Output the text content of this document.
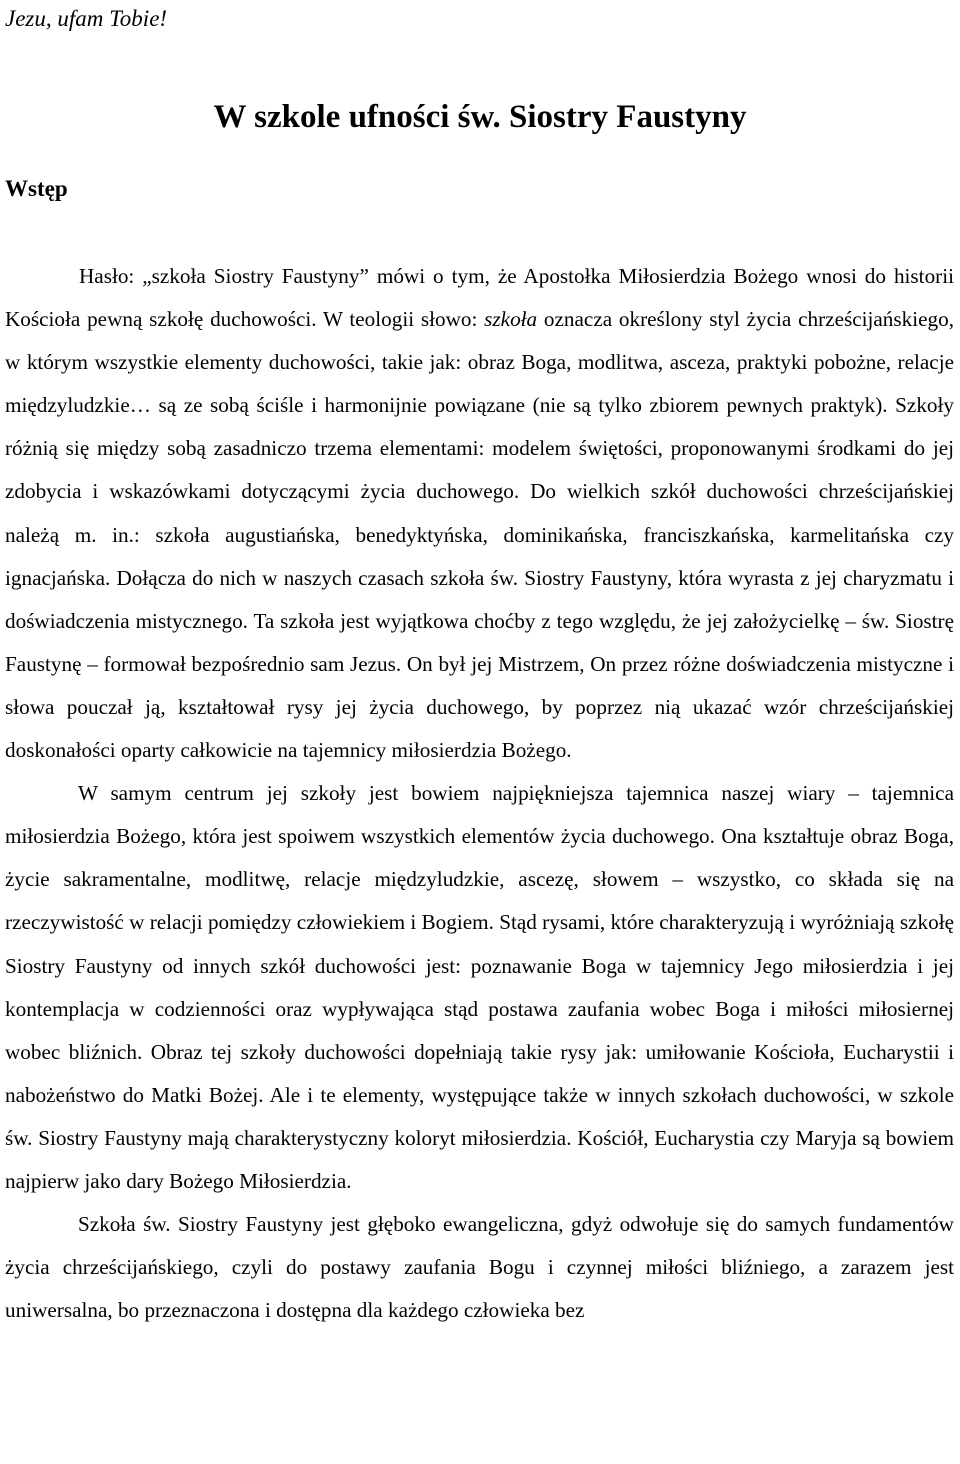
Jezu, ufam Tobie!
W szkole ufności św. Siostry Faustyny
Wstęp

Hasło: „szkoła Siostry Faustyny” mówi o tym, że Apostołka Miłosierdzia Bożego wnosi do historii Kościoła pewną szkołę duchowości. W teologii słowo: szkoła oznacza określony styl życia chrześcijańskiego, w którym wszystkie elementy duchowości, takie jak: obraz Boga, modlitwa, asceza, praktyki pobożne, relacje międzyludzkie… są ze sobą ściśle i harmonijnie powiązane (nie są tylko zbiorem pewnych praktyk). Szkoły różnią się między sobą zasadniczo trzema elementami: modelem świętości, proponowanymi środkami do jej zdobycia i wskazówkami dotyczącymi życia duchowego. Do wielkich szkół duchowości chrześcijańskiej należą m. in.: szkoła augustiańska, benedyktyńska, dominikańska, franciszkańska, karmelitańska czy ignacjańska. Dołącza do nich w naszych czasach szkoła św. Siostry Faustyny, która wyrasta z jej charyzmatu i doświadczenia mistycznego. Ta szkoła jest wyjątkowa choćby z tego względu, że jej założycielkę – św. Siostrę Faustynę – formował bezpośrednio sam Jezus. On był jej Mistrzem, On przez różne doświadczenia mistyczne i słowa pouczał ją, kształtował rysy jej życia duchowego, by poprzez nią ukazać wzór chrześcijańskiej doskonałości oparty całkowicie na tajemnicy miłosierdzia Bożego.

W samym centrum jej szkoły jest bowiem najpiękniejsza tajemnica naszej wiary – tajemnica miłosierdzia Bożego, która jest spoiwem wszystkich elementów życia duchowego. Ona kształtuje obraz Boga, życie sakramentalne, modlitwę, relacje międzyludzkie, ascezę, słowem – wszystko, co składa się na rzeczywistość w relacji pomiędzy człowiekiem i Bogiem. Stąd rysami, które charakteryzują i wyróżniają szkołę Siostry Faustyny od innych szkół duchowości jest: poznawanie Boga w tajemnicy Jego miłosierdzia i jej kontemplacja w codzienności oraz wypływająca stąd postawa zaufania wobec Boga i miłości miłosiernej wobec bliźnich. Obraz tej szkoły duchowości dopełniają takie rysy jak: umiłowanie Kościoła, Eucharystii i nabożeństwo do Matki Bożej. Ale i te elementy, występujące także w innych szkołach duchowości, w szkole św. Siostry Faustyny mają charakterystyczny koloryt miłosierdzia. Kościół, Eucharystia czy Maryja są bowiem najpierw jako dary Bożego Miłosierdzia.

Szkoła św. Siostry Faustyny jest głęboko ewangeliczna, gdyż odwołuje się do samych fundamentów życia chrześcijańskiego, czyli do postawy zaufania Bogu i czynnej miłości bliźniego, a zarazem jest uniwersalna, bo przeznaczona i dostępna dla każdego człowieka bez
